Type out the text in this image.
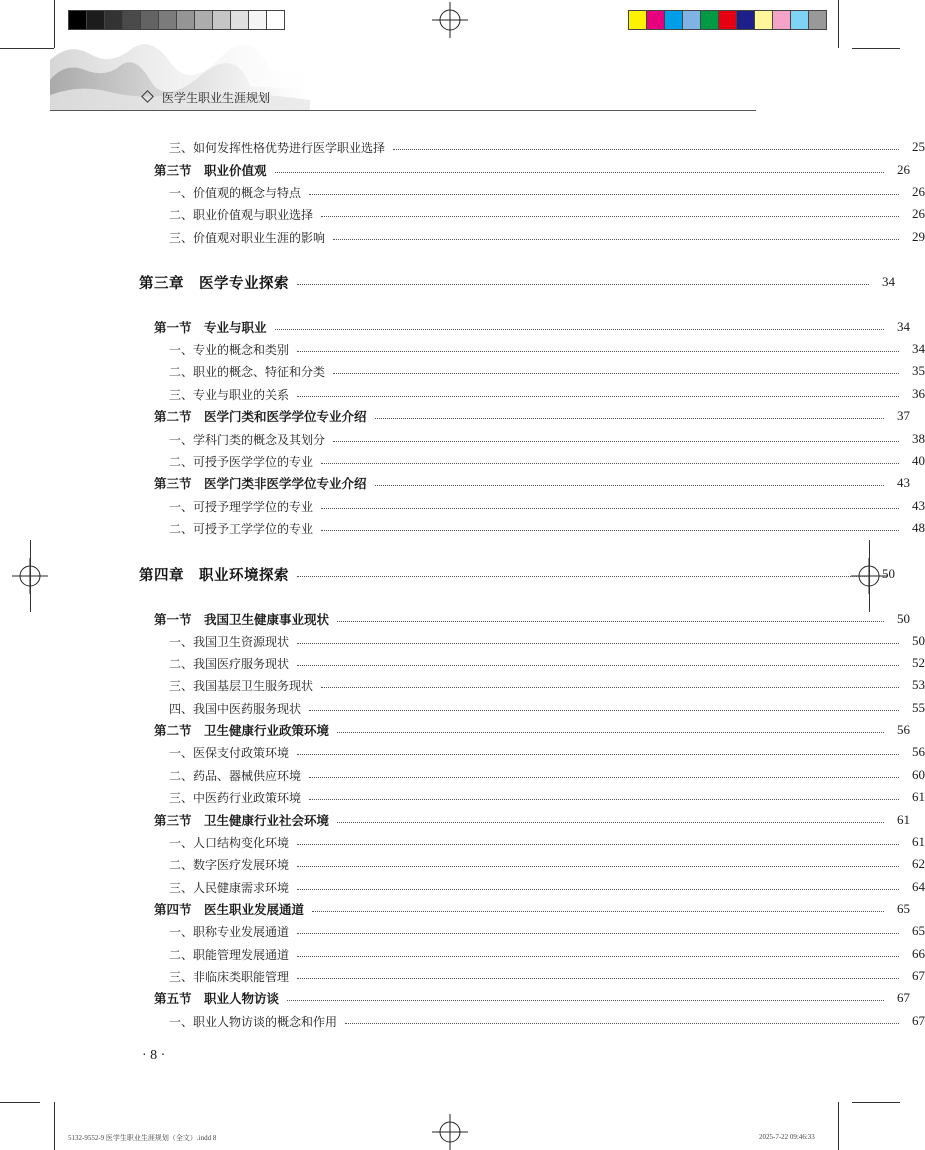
医学生职业生涯规划
三、如何发挥性格优势进行医学职业选择	25
第三节　职业价值观	26
一、价值观的概念与特点	26
二、职业价值观与职业选择	26
三、价值观对职业生涯的影响	29
第三章　医学专业探索	34
第一节　专业与职业	34
一、专业的概念和类别	34
二、职业的概念、特征和分类	35
三、专业与职业的关系	36
第二节　医学门类和医学学位专业介绍	37
一、学科门类的概念及其划分	38
二、可授予医学学位的专业	40
第三节　医学门类非医学学位专业介绍	43
一、可授予理学学位的专业	43
二、可授予工学学位的专业	48
第四章　职业环境探索	50
第一节　我国卫生健康事业现状	50
一、我国卫生资源现状	50
二、我国医疗服务现状	52
三、我国基层卫生服务现状	53
四、我国中医药服务现状	55
第二节　卫生健康行业政策环境	56
一、医保支付政策环境	56
二、药品、器械供应环境	60
三、中医药行业政策环境	61
第三节　卫生健康行业社会环境	61
一、人口结构变化环境	61
二、数字医疗发展环境	62
三、人民健康需求环境	64
第四节　医生职业发展通道	65
一、职称专业发展通道	65
二、职能管理发展通道	66
三、非临床类职能管理	67
第五节　职业人物访谈	67
一、职业人物访谈的概念和作用	67
· 8 ·
5132-9552-9 医学生职业生涯规划（全文）.indd 8	2025-7-22 09:46:33
